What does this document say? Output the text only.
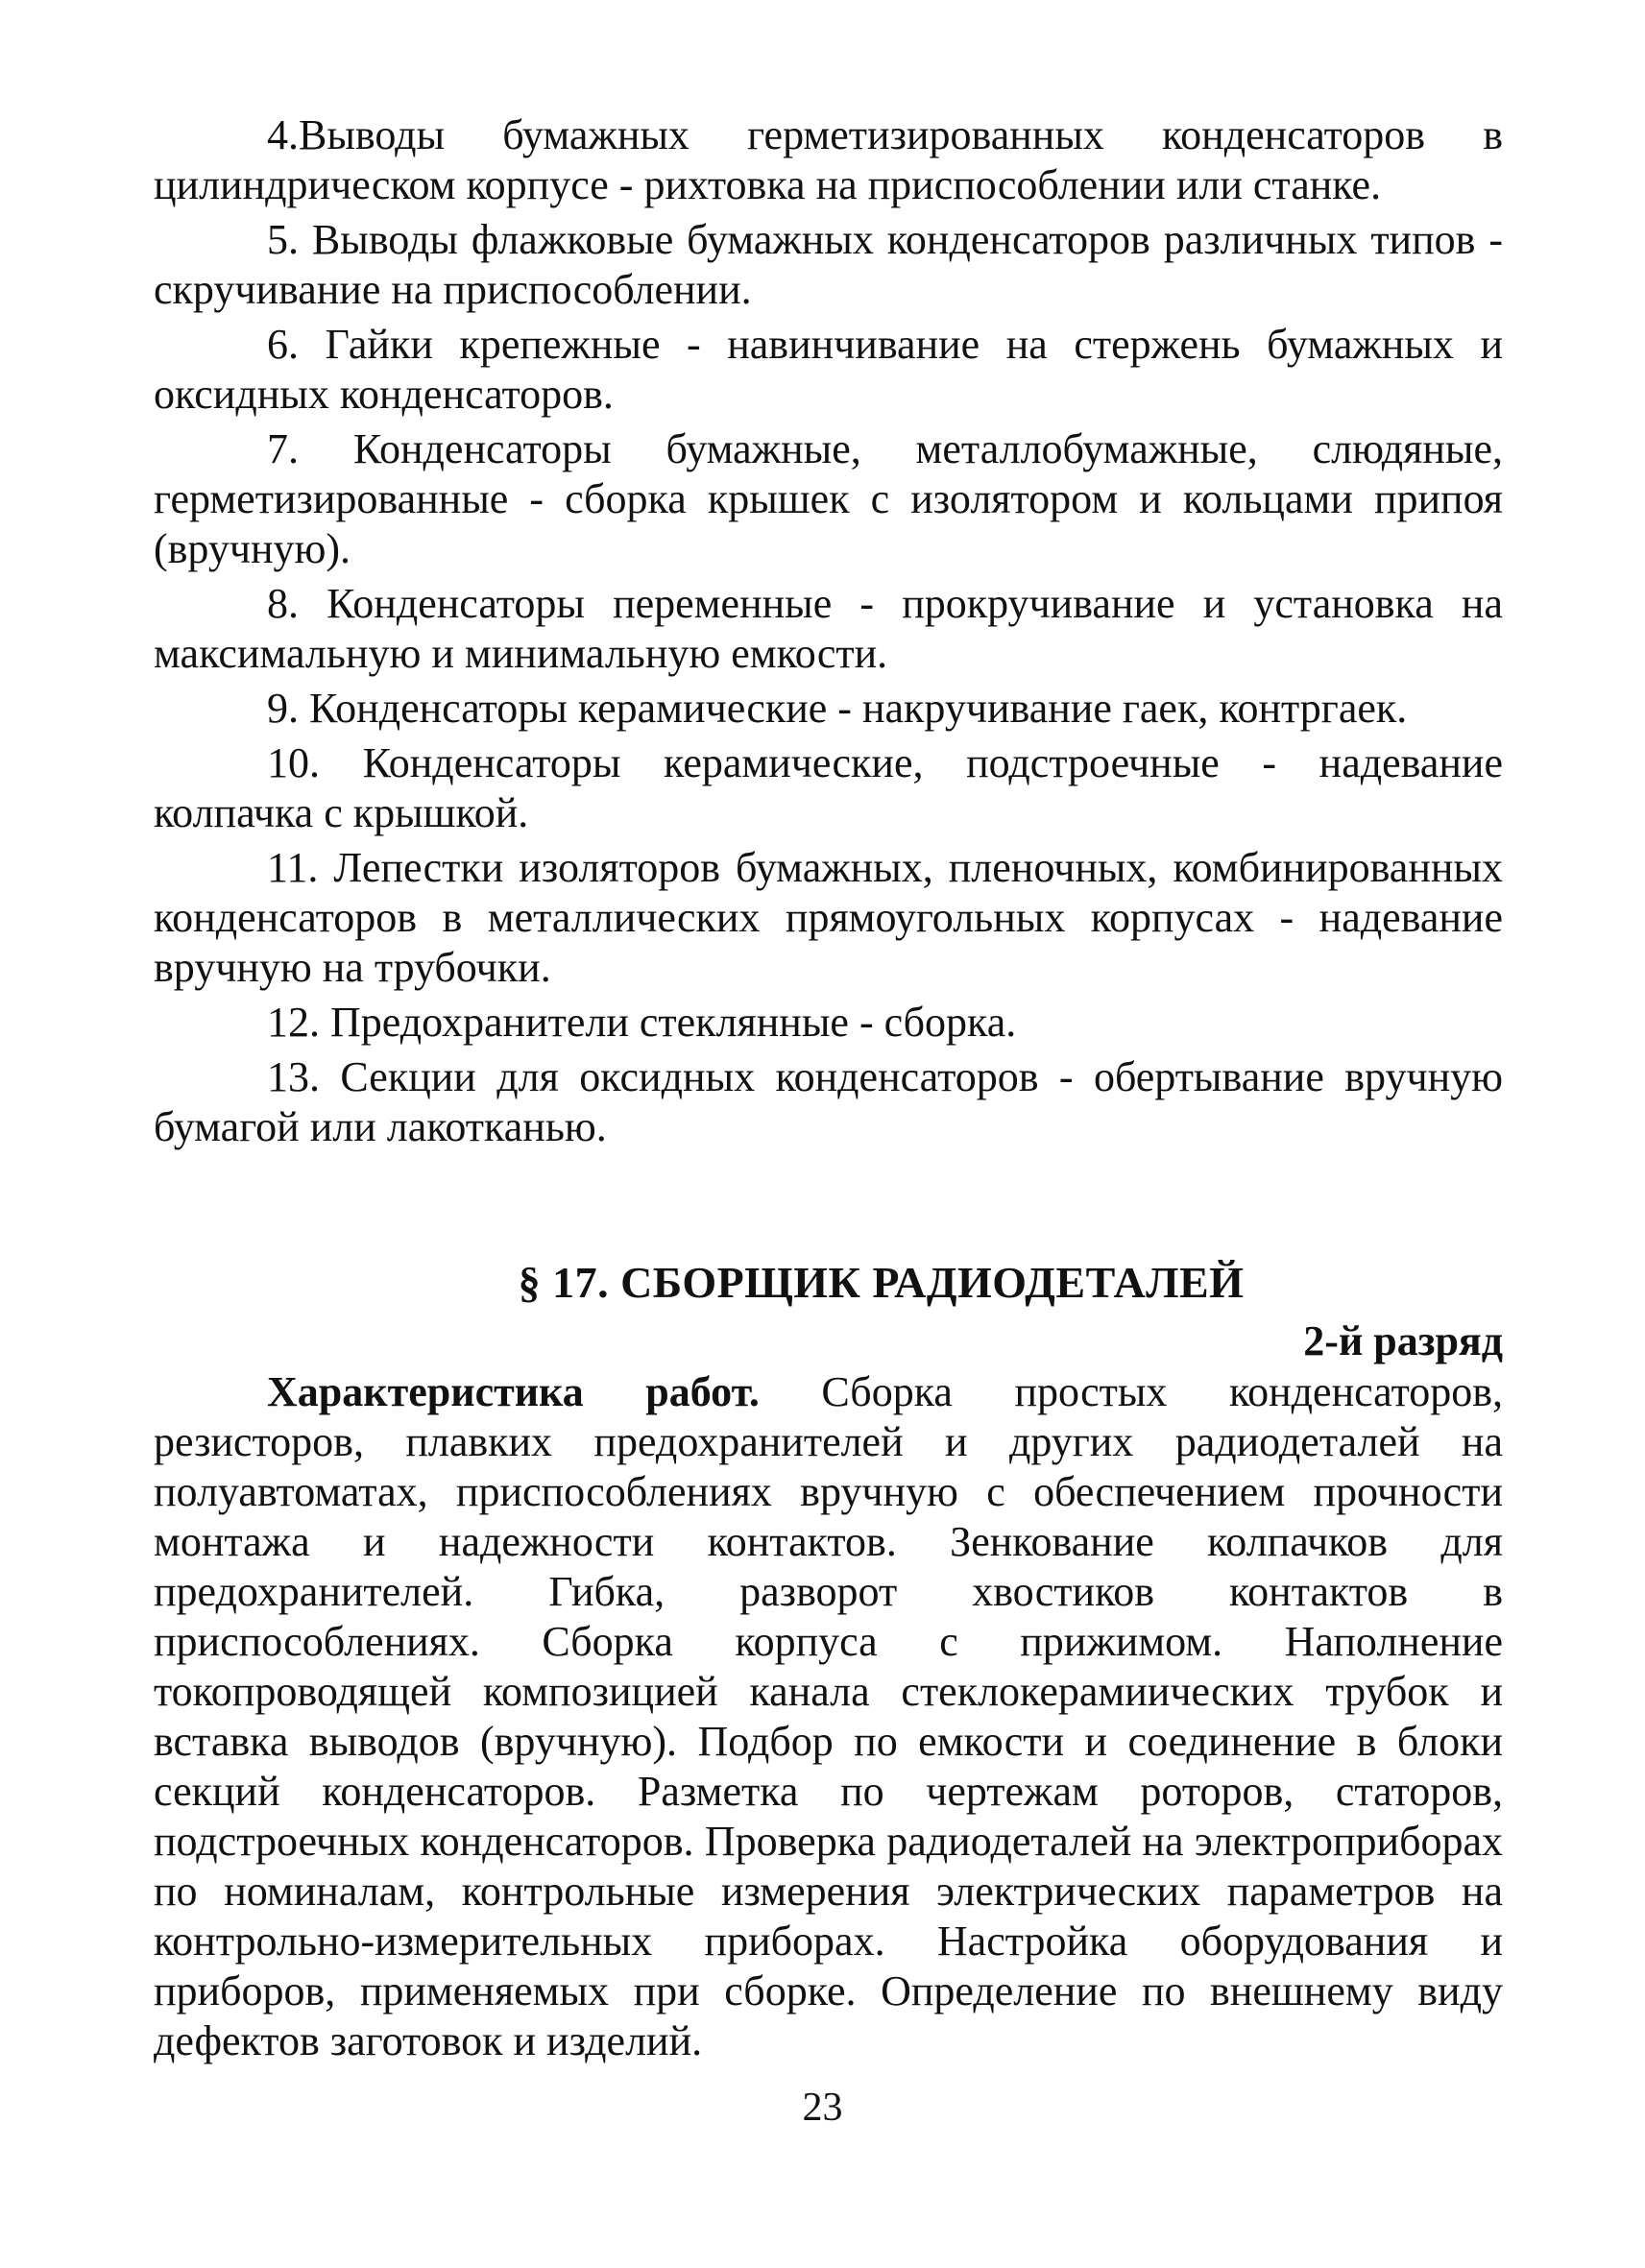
4.Выводы бумажных герметизированных конденсаторов в цилиндрическом корпусе - рихтовка на приспособлении или станке.

5. Выводы флажковые бумажных конденсаторов различных типов - скручивание на приспособлении.

6. Гайки крепежные - навинчивание на стержень бумажных и оксидных конденсаторов.

7. Конденсаторы бумажные, металлобумажные, слюдяные, герметизированные - сборка крышек с изолятором и кольцами припоя (вручную).

8. Конденсаторы переменные - прокручивание и установка на максимальную и минимальную емкости.

9. Конденсаторы керамические - накручивание гаек, контргаек.

10. Конденсаторы керамические, подстроечные - надевание колпачка с крышкой.

11. Лепестки изоляторов бумажных, пленочных, комбинированных конденсаторов в металлических прямоугольных корпусах - надевание вручную на трубочки.

12. Предохранители стеклянные - сборка.

13. Секции для оксидных конденсаторов - обертывание вручную бумагой или лакотканью.

§ 17. СБОРЩИК РАДИОДЕТАЛЕЙ
2-й разряд

Характеристика работ. Сборка простых конденсаторов, резисторов, плавких предохранителей и других радиодеталей на полуавтоматах, приспособлениях вручную с обеспечением прочности монтажа и надежности контактов. Зенкование колпачков для предохранителей. Гибка, разворот хвостиков контактов в приспособлениях. Сборка корпуса с прижимом. Наполнение токопроводящей композицией канала стеклокерамиических трубок и вставка выводов (вручную). Подбор по емкости и соединение в блоки секций конденсаторов. Разметка по чертежам роторов, статоров, подстроечных конденсаторов. Проверка радиодеталей на электроприборах по номиналам, контрольные измерения электрических параметров на контрольно-измерительных приборах. Настройка оборудования и приборов, применяемых при сборке. Определение по внешнему виду дефектов заготовок и изделий.

23
